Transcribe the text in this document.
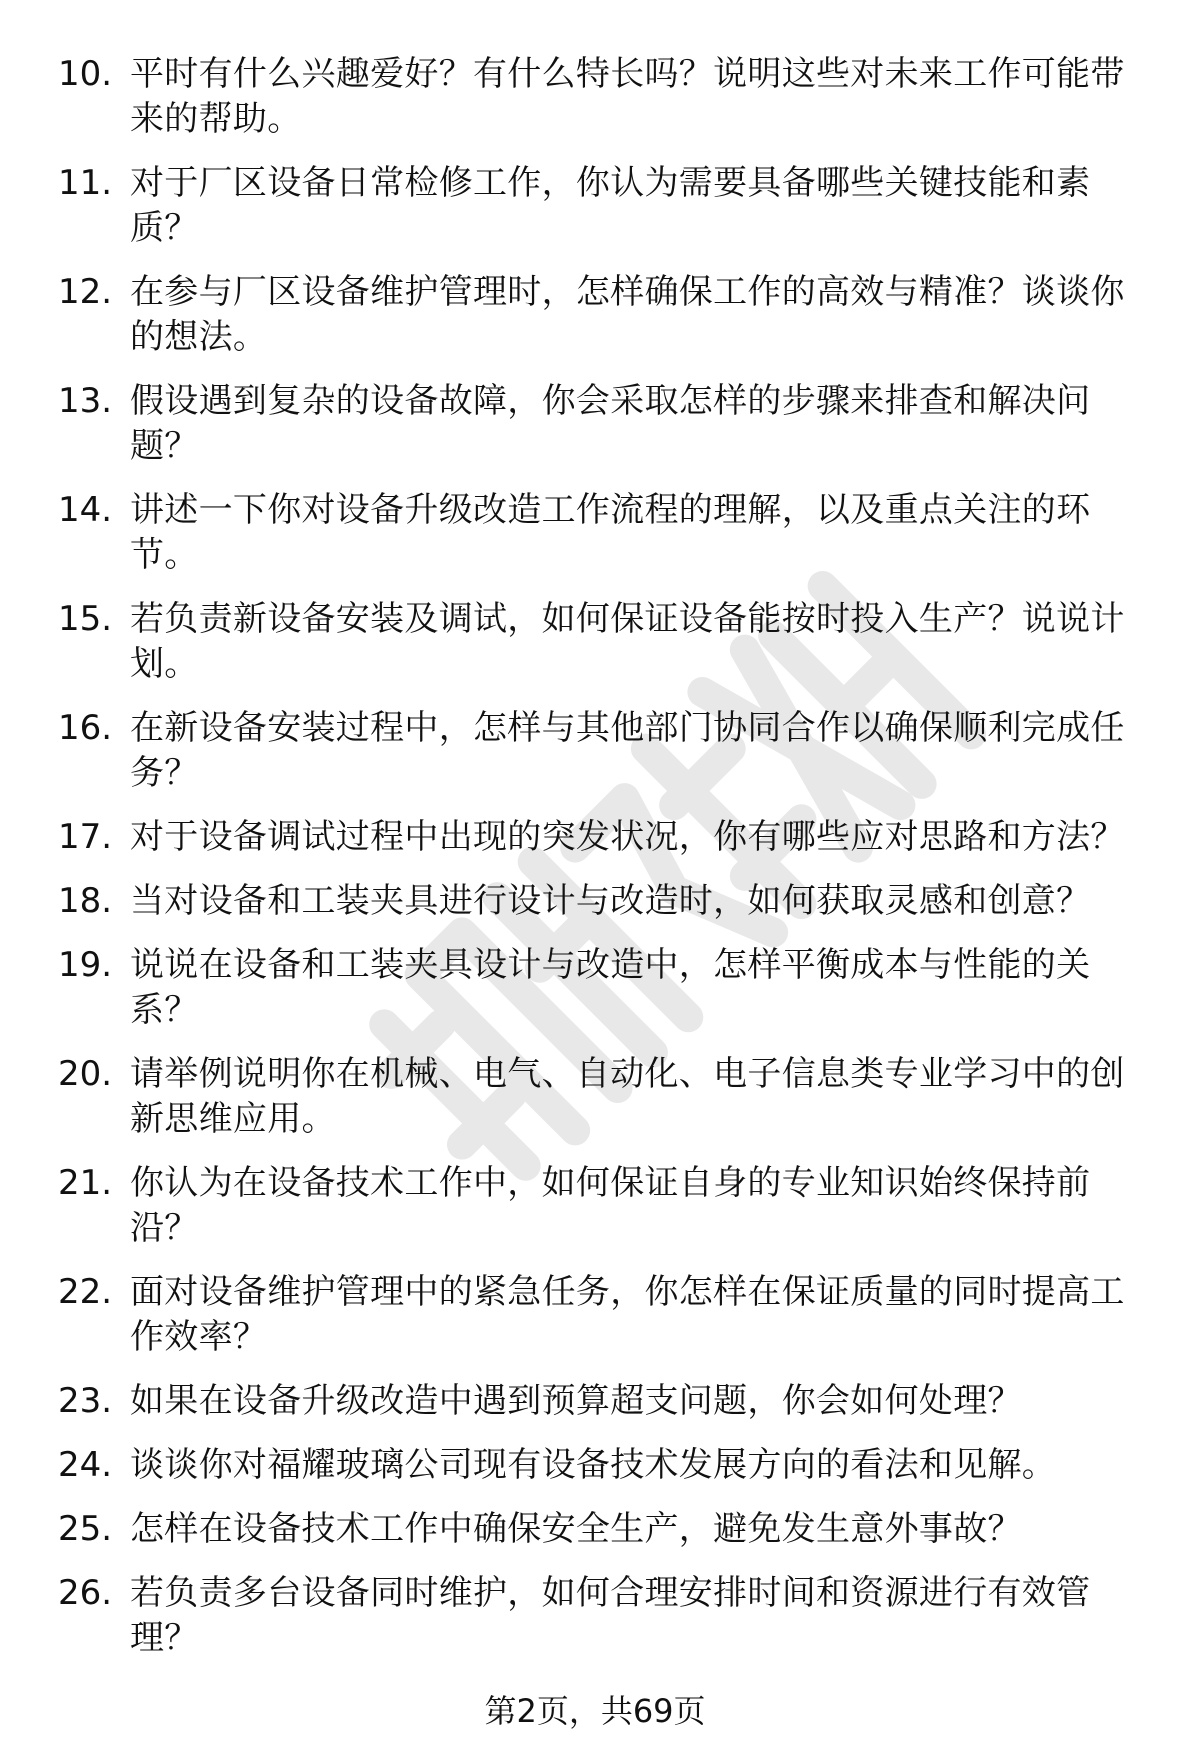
10. 平时有什么兴趣爱好？有什么特长吗？说明这些对未来工作可能带来的帮助。
11. 对于厂区设备日常检修工作，你认为需要具备哪些关键技能和素质？
12. 在参与厂区设备维护管理时，怎样确保工作的高效与精准？谈谈你的想法。
13. 假设遇到复杂的设备故障，你会采取怎样的步骤来排查和解决问题？
14. 讲述一下你对设备升级改造工作流程的理解，以及重点关注的环节。
15. 若负责新设备安装及调试，如何保证设备能按时投入生产？说说计划。
16. 在新设备安装过程中，怎样与其他部门协同合作以确保顺利完成任务？
17. 对于设备调试过程中出现的突发状况，你有哪些应对思路和方法？
18. 当对设备和工装夹具进行设计与改造时，如何获取灵感和创意？
19. 说说在设备和工装夹具设计与改造中，怎样平衡成本与性能的关系？
20. 请举例说明你在机械、电气、自动化、电子信息类专业学习中的创新思维应用。
21. 你认为在设备技术工作中，如何保证自身的专业知识始终保持前沿？
22. 面对设备维护管理中的紧急任务，你怎样在保证质量的同时提高工作效率？
23. 如果在设备升级改造中遇到预算超支问题，你会如何处理？
24. 谈谈你对福耀玻璃公司现有设备技术发展方向的看法和见解。
25. 怎样在设备技术工作中确保安全生产，避免发生意外事故？
26. 若负责多台设备同时维护，如何合理安排时间和资源进行有效管理？
第2页，共69页
